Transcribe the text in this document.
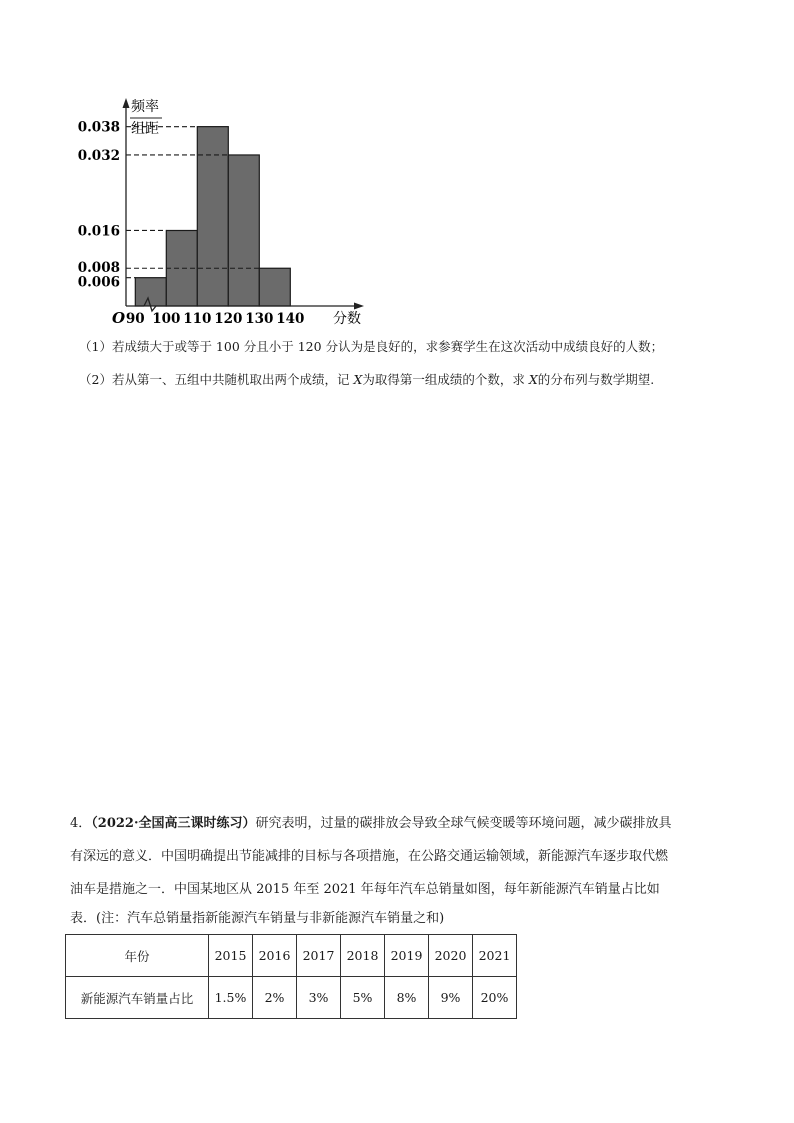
频率
组距
O	分数
90 100 110 120 130 140
0.038
0.032
0.016
0.008
0.006
（1）若成绩大于或等于 100 分且小于 120 分认为是良好的，求参赛学生在这次活动中成绩良好的人数；
（2）若从第一、五组中共随机取出两个成绩，记 X为取得第一组成绩的个数，求 X的分布列与数学期望.
4．（2022·全国高三课时练习）研究表明，过量的碳排放会导致全球气候变暖等环境问题，减少碳排放具
有深远的意义．中国明确提出节能减排的目标与各项措施，在公路交通运输领域，新能源汽车逐步取代燃
油车是措施之一．中国某地区从 2015 年至 2021 年每年汽车总销量如图，每年新能源汽车销量占比如
表．(注：汽车总销量指新能源汽车销量与非新能源汽车销量之和)
年份	2015	2016	2017	2018	2019	2020	2021
新能源汽车销量占比	1.5%	2%	3%	5%	8%	9%	20%
